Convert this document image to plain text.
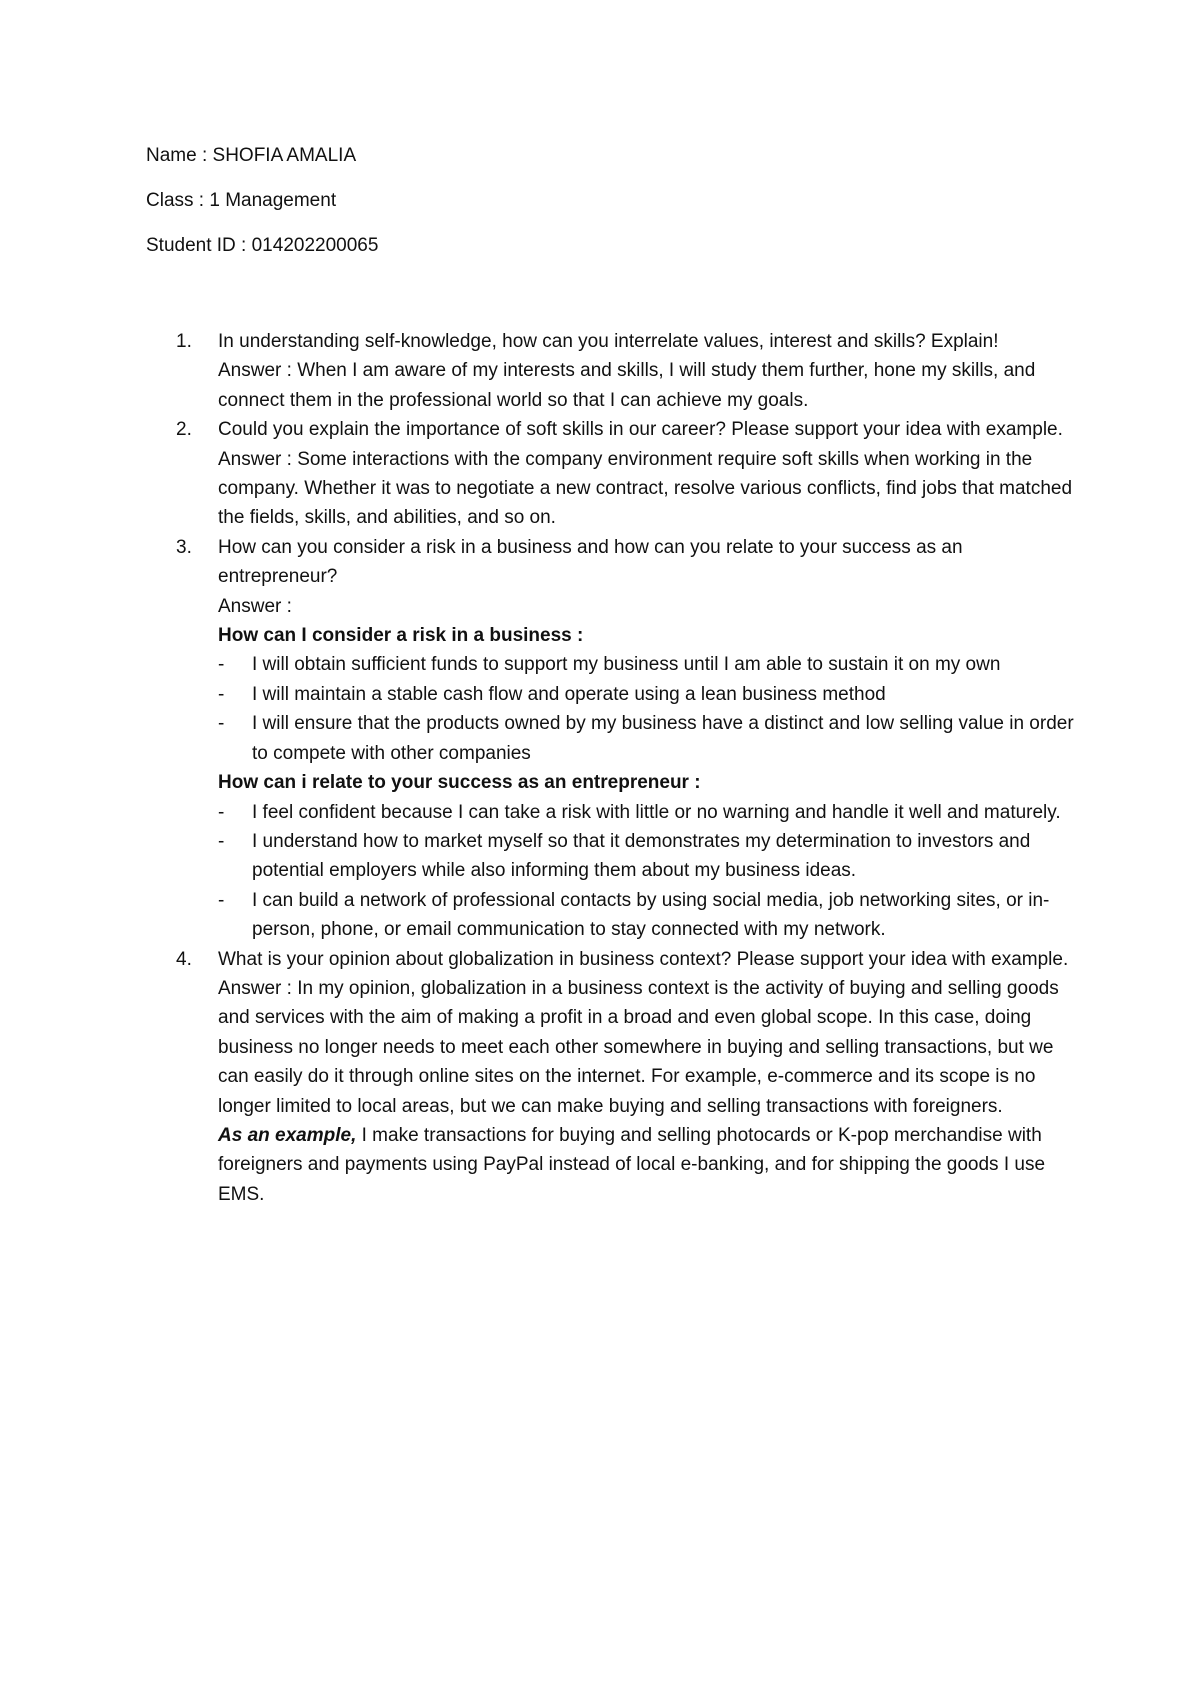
Name : SHOFIA AMALIA
Class : 1 Management
Student ID : 014202200065
1. In understanding self-knowledge, how can you interrelate values, interest and skills? Explain!
Answer : When I am aware of my interests and skills, I will study them further, hone my skills, and connect them in the professional world so that I can achieve my goals.
2. Could you explain the importance of soft skills in our career? Please support your idea with example.
Answer : Some interactions with the company environment require soft skills when working in the company. Whether it was to negotiate a new contract, resolve various conflicts, find jobs that matched the fields, skills, and abilities, and so on.
3. How can you consider a risk in a business and how can you relate to your success as an entrepreneur?
Answer :
How can I consider a risk in a business :
- I will obtain sufficient funds to support my business until I am able to sustain it on my own
- I will maintain a stable cash flow and operate using a lean business method
- I will ensure that the products owned by my business have a distinct and low selling value in order to compete with other companies
How can i relate to your success as an entrepreneur :
- I feel confident because I can take a risk with little or no warning and handle it well and maturely.
- I understand how to market myself so that it demonstrates my determination to investors and potential employers while also informing them about my business ideas.
- I can build a network of professional contacts by using social media, job networking sites, or in-person, phone, or email communication to stay connected with my network.
4. What is your opinion about globalization in business context? Please support your idea with example.
Answer : In my opinion, globalization in a business context is the activity of buying and selling goods and services with the aim of making a profit in a broad and even global scope. In this case, doing business no longer needs to meet each other somewhere in buying and selling transactions, but we can easily do it through online sites on the internet. For example, e-commerce and its scope is no longer limited to local areas, but we can make buying and selling transactions with foreigners.
As an example, I make transactions for buying and selling photocards or K-pop merchandise with foreigners and payments using PayPal instead of local e-banking, and for shipping the goods I use EMS.
